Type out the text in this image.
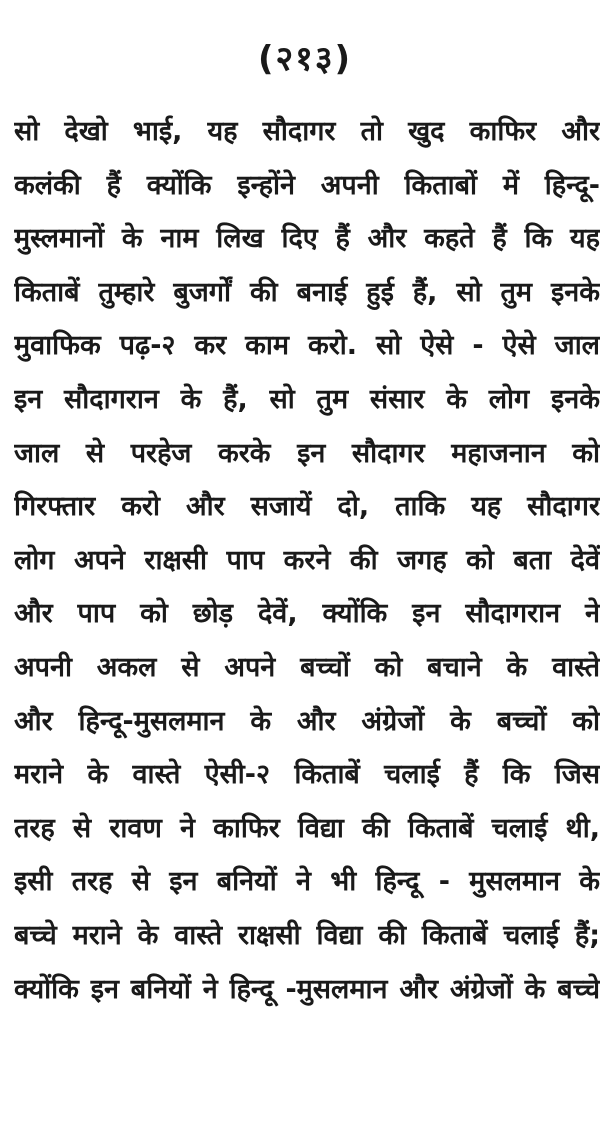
(२१३)
सो देखो भाई, यह सौदागर तो खुद काफिर और
कलंकी हैं क्योंकि इन्होंने अपनी किताबों में हिन्दू-
मुस्लमानों के नाम लिख दिए हैं और कहते हैं कि यह
किताबें तुम्हारे बुजर्गों की बनाई हुई हैं, सो तुम इनके
मुवाफिक पढ़-२ कर काम करो. सो ऐसे - ऐसे जाल
इन सौदागरान के हैं, सो तुम संसार के लोग इनके
जाल से परहेज करके इन सौदागर महाजनान को
गिरफ्तार करो और सजायें दो, ताकि यह सौदागर
लोग अपने राक्षसी पाप करने की जगह को बता देवें
और पाप को छोड़ देवें, क्योंकि इन सौदागरान ने
अपनी अकल से अपने बच्चों को बचाने के वास्ते
और हिन्दू-मुसलमान के और अंग्रेजों के बच्चों को
मराने के वास्ते ऐसी-२ किताबें चलाई हैं कि जिस
तरह से रावण ने काफिर विद्या की किताबें चलाई थी,
इसी तरह से इन बनियों ने भी हिन्दू - मुसलमान के
बच्चे मराने के वास्ते राक्षसी विद्या की किताबें चलाई हैं;
क्योंकि इन बनियों ने हिन्दू -मुसलमान और अंग्रेजों के बच्चे
